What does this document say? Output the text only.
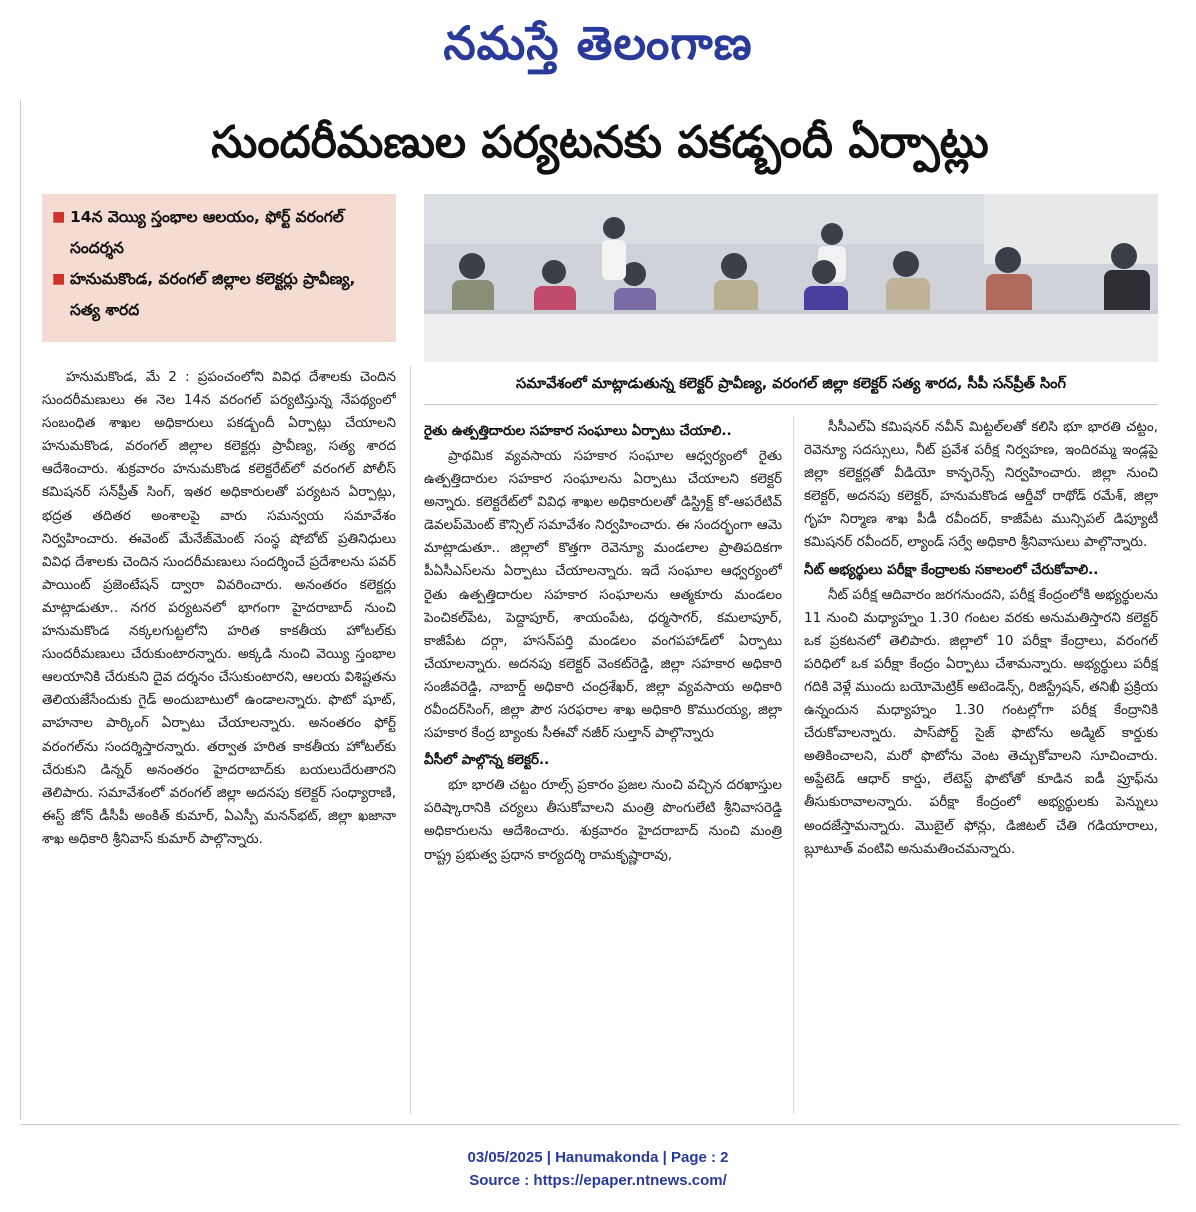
నమస్తే తెలంగాణ
సుందరీమణుల పర్యటనకు పకడ్బందీ ఏర్పాట్లు
■ 14న వెయ్యి స్తంభాల ఆలయం, ఫోర్ట్ వరంగల్ సందర్శన
■ హనుమకొండ, వరంగల్ జిల్లాల కలెక్టర్లు ప్రావీణ్య, సత్య శారద
సమావేశంలో మాట్లాడుతున్న కలెక్టర్ ప్రావీణ్య, వరంగల్ జిల్లా కలెక్టర్ సత్య శారద, సీపీ సన్‌ప్రీత్ సింగ్

హనుమకొండ, మే 2 : ప్రపంచంలోని వివిధ దేశాలకు చెందిన సుందరీమణులు ఈ నెల 14న వరంగల్ పర్యటిస్తున్న నేపథ్యంలో సంబంధిత శాఖల అధికారులు పకడ్బందీ ఏర్పాట్లు చేయాలని హనుమకొండ, వరంగల్ జిల్లాల కలెక్టర్లు ప్రావీణ్య, సత్య శారద ఆదేశించారు. శుక్రవారం హనుమకొండ కలెక్టరేట్‌లో వరంగల్ పోలీస్ కమిషనర్ సన్‌ప్రీత్ సింగ్, ఇతర అధికారులతో పర్యటన ఏర్పాట్లు, భద్రత తదితర అంశాలపై వారు సమన్వయ సమావేశం నిర్వహించారు. ఈవెంట్ మేనేజ్‌మెంట్ సంస్థ షోబోట్ ప్రతినిధులు వివిధ దేశాలకు చెందిన సుందరీమణులు సందర్శించే ప్రదేశాలను పవర్ పాయింట్ ప్రజెంటేషన్ ద్వారా వివరించారు. అనంతరం కలెక్టర్లు మాట్లాడుతూ.. నగర పర్యటనలో భాగంగా హైదరాబాద్ నుంచి హనుమకొండ నక్కలగుట్టలోని హరిత కాకతీయ హోటల్‌కు సుందరీమణులు చేరుకుంటారన్నారు. అక్కడి నుంచి వెయ్యి స్తంభాల ఆలయానికి చేరుకుని దైవ దర్శనం చేసుకుంటారని, ఆలయ విశిష్టతను తెలియజేసేందుకు గైడ్ అందుబాటులో ఉండాలన్నారు. ఫొటో షూట్, వాహనాల పార్కింగ్ ఏర్పాటు చేయాలన్నారు. అనంతరం ఫోర్ట్ వరంగల్‌ను సందర్శిస్తారన్నారు. తర్వాత హరిత కాకతీయ హోటల్‌కు చేరుకుని డిన్నర్ అనంతరం హైదరాబాద్‌కు బయలుదేరుతారని తెలిపారు. సమావేశంలో వరంగల్ జిల్లా అదనపు కలెక్టర్ సంధ్యారాణి, ఈస్ట్ జోన్ డీసీపీ అంకిత్ కుమార్, ఏఎస్పీ మనన్‌భట్, జిల్లా ఖజానా శాఖ అధికారి శ్రీనివాస్ కుమార్ పాల్గొన్నారు.

రైతు ఉత్పత్తిదారుల సహకార సంఘాలు ఏర్పాటు చేయాలి..

ప్రాథమిక వ్యవసాయ సహకార సంఘాల ఆధ్వర్యంలో రైతు ఉత్పత్తిదారుల సహకార సంఘాలను ఏర్పాటు చేయాలని కలెక్టర్ అన్నారు. కలెక్టరేట్‌లో వివిధ శాఖల అధికారులతో డిస్ట్రిక్ట్ కో-ఆపరేటివ్ డెవలప్‌మెంట్ కౌన్సిల్ సమావేశం నిర్వహించారు. ఈ సందర్భంగా ఆమె మాట్లాడుతూ.. జిల్లాలో కొత్తగా రెవెన్యూ మండలాల ప్రాతిపదికగా పీఏసీఎస్‌లను ఏర్పాటు చేయాలన్నారు. ఇదే సంఘాల ఆధ్వర్యంలో రైతు ఉత్పత్తిదారుల సహకార సంఘాలను ఆత్మకూరు మండలం పెంచికల్‌పేట, పెద్దాపూర్, శాయంపేట, ధర్మసాగర్, కమలాపూర్, కాజీపేట దర్గా, హసన్‌పర్తి మండలం వంగపహాడ్‌లో ఏర్పాటు చేయాలన్నారు. అదనపు కలెక్టర్ వెంకట్‌రెడ్డి, జిల్లా సహకార అధికారి సంజీవరెడ్డి, నాబార్డ్ అధికారి చంద్రశేఖర్, జిల్లా వ్యవసాయ అధికారి రవీందర్‌సింగ్, జిల్లా పౌర సరఫరాల శాఖ అధికారి కొమురయ్య, జిల్లా సహకార కేంద్ర బ్యాంకు సీఈవో నజీర్ సుల్తాన్ పాల్గొన్నారు

వీసీలో పాల్గొన్న కలెక్టర్..

భూ భారతి చట్టం రూల్స్ ప్రకారం ప్రజల నుంచి వచ్చిన దరఖాస్తుల పరిష్కారానికి చర్యలు తీసుకోవాలని మంత్రి పొంగులేటి శ్రీనివాసరెడ్డి అధికారులను ఆదేశించారు. శుక్రవారం హైదరాబాద్ నుంచి మంత్రి రాష్ట్ర ప్రభుత్వ ప్రధాన కార్యదర్శి రామకృష్ణారావు,

సీసీఎల్ఏ కమిషనర్ నవీన్ మిట్టల్‌లతో కలిసి భూ భారతి చట్టం, రెవెన్యూ సదస్సులు, నీట్ ప్రవేశ పరీక్ష నిర్వహణ, ఇందిరమ్మ ఇండ్లపై జిల్లా కలెక్టర్లతో వీడియో కాన్ఫరెన్స్ నిర్వహించారు. జిల్లా నుంచి కలెక్టర్, అదనపు కలెక్టర్, హనుమకొండ ఆర్డీవో రాథోడ్ రమేశ్, జిల్లా గృహ నిర్మాణ శాఖ పీడీ రవీందర్, కాజీపేట మున్సిపల్ డిప్యూటీ కమిషనర్ రవీందర్, ల్యాండ్ సర్వే అధికారి శ్రీనివాసులు పాల్గొన్నారు.

నీట్ అభ్యర్థులు పరీక్షా కేంద్రాలకు సకాలంలో చేరుకోవాలి..

నీట్ పరీక్ష ఆదివారం జరగనుందని, పరీక్ష కేంద్రంలోకి అభ్యర్థులను 11 నుంచి మధ్యాహ్నం 1.30 గంటల వరకు అనుమతిస్తారని కలెక్టర్ ఒక ప్రకటనలో తెలిపారు. జిల్లాలో 10 పరీక్షా కేంద్రాలు, వరంగల్ పరిధిలో ఒక పరీక్షా కేంద్రం ఏర్పాటు చేశామన్నారు. అభ్యర్థులు పరీక్ష గదికి వెళ్లే ముందు బయోమెట్రిక్ అటెండెన్స్, రిజిస్ట్రేషన్, తనిఖీ ప్రక్రియ ఉన్నందున మధ్యాహ్నం 1.30 గంటల్లోగా పరీక్ష కేంద్రానికి చేరుకోవాలన్నారు. పాస్‌పోర్ట్ సైజ్ ఫొటోను అడ్మిట్ కార్డుకు అతికించాలని, మరో ఫొటోను వెంట తెచ్చుకోవాలని సూచించారు. అప్డేటెడ్ ఆధార్ కార్డు, లేటెస్ట్ ఫొటోతో కూడిన ఐడీ ప్రూఫ్‌ను తీసుకురావాలన్నారు. పరీక్షా కేంద్రంలో అభ్యర్థులకు పెన్నులు అందజేస్తామన్నారు. మొబైల్ ఫోన్లు, డిజిటల్ చేతి గడియారాలు, బ్లూటూత్ వంటివి అనుమతించమన్నారు.

03/05/2025 | Hanumakonda | Page : 2
Source : https://epaper.ntnews.com/
